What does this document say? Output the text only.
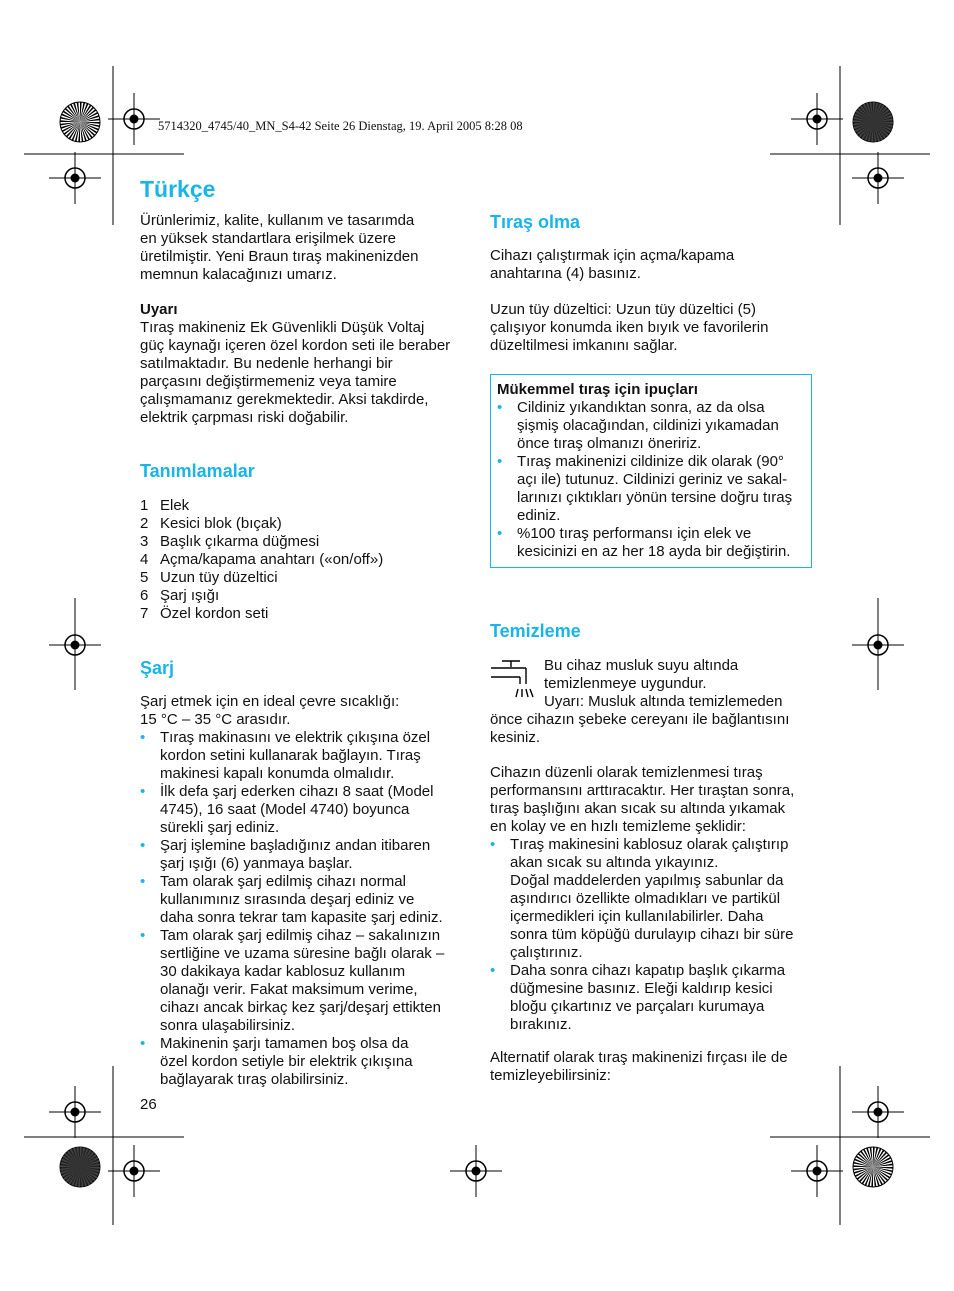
5714320_4745/40_MN_S4-42 Seite 26 Dienstag, 19. April 2005 8:28 08
Türkçe
Ürünlerimiz, kalite, kullanım ve tasarımda
en yüksek standartlara erişilmek üzere
üretilmiştir. Yeni Braun tıraş makinenizden
memnun kalacağınızı umarız.
Uyarı
Tıraş makineniz Ek Güvenlikli Düşük Voltaj
güç kaynağı içeren özel kordon seti ile beraber
satılmaktadır. Bu nedenle herhangi bir
parçasını değiştirmemeniz veya tamire
çalışmamanız gerekmektedir. Aksi takdirde,
elektrik çarpması riski doğabilir.
Tanımlamalar
1 Elek
2 Kesici blok (bıçak)
3 Başlık çıkarma düğmesi
4 Açma/kapama anahtarı («on/off»)
5 Uzun tüy düzeltici
6 Şarj ışığı
7 Özel kordon seti
Şarj
Şarj etmek için en ideal çevre sıcaklığı:
15 °C – 35 °C arasıdır.
• Tıraş makinasını ve elektrik çıkışına özel
kordon setini kullanarak bağlayın. Tıraş
makinesi kapalı konumda olmalıdır.
• İlk defa şarj ederken cihazı 8 saat (Model
4745), 16 saat (Model 4740) boyunca
sürekli şarj ediniz.
• Şarj işlemine başladığınız andan itibaren
şarj ışığı (6) yanmaya başlar.
• Tam olarak şarj edilmiş cihazı normal
kullanımınız sırasında deşarj ediniz ve
daha sonra tekrar tam kapasite şarj ediniz.
• Tam olarak şarj edilmiş cihaz – sakalınızın
sertliğine ve uzama süresine bağlı olarak –
30 dakikaya kadar kablosuz kullanım
olanağı verir. Fakat maksimum verime,
cihazı ancak birkaç kez şarj/deşarj ettikten
sonra ulaşabilirsiniz.
• Makinenin şarjı tamamen boş olsa da
özel kordon setiyle bir elektrik çıkışına
bağlayarak tıraş olabilirsiniz.
26
Tıraş olma
Cihazı çalıştırmak için açma/kapama
anahtarına (4) basınız.
Uzun tüy düzeltici: Uzun tüy düzeltici (5)
çalışıyor konumda iken bıyık ve favorilerin
düzeltilmesi imkanını sağlar.
Mükemmel tıraş için ipuçları
• Cildiniz yıkandıktan sonra, az da olsa
şişmiş olacağından, cildinizi yıkamadan
önce tıraş olmanızı öneririz.
• Tıraş makinenizi cildinize dik olarak (90°
açı ile) tutunuz. Cildinizi geriniz ve sakal-
larınızı çıktıkları yönün tersine doğru tıraş
ediniz.
• %100 tıraş performansı için elek ve
kesicinizi en az her 18 ayda bir değiştirin.
Temizleme
Bu cihaz musluk suyu altında
temizlenmeye uygundur.
Uyarı: Musluk altında temizlemeden
önce cihazın şebeke cereyanı ile bağlantısını
kesiniz.
Cihazın düzenli olarak temizlenmesi tıraş
performansını arttıracaktır. Her tıraştan sonra,
tıraş başlığını akan sıcak su altında yıkamak
en kolay ve en hızlı temizleme şeklidir:
• Tıraş makinesini kablosuz olarak çalıştırıp
akan sıcak su altında yıkayınız.
Doğal maddelerden yapılmış sabunlar da
aşındırıcı özellikte olmadıkları ve partikül
içermedikleri için kullanılabilirler. Daha
sonra tüm köpüğü durulayıp cihazı bir süre
çalıştırınız.
• Daha sonra cihazı kapatıp başlık çıkarma
düğmesine basınız. Eleği kaldırıp kesici
bloğu çıkartınız ve parçaları kurumaya
bırakınız.
Alternatif olarak tıraş makinenizi fırçası ile de
temizleyebilirsiniz:
